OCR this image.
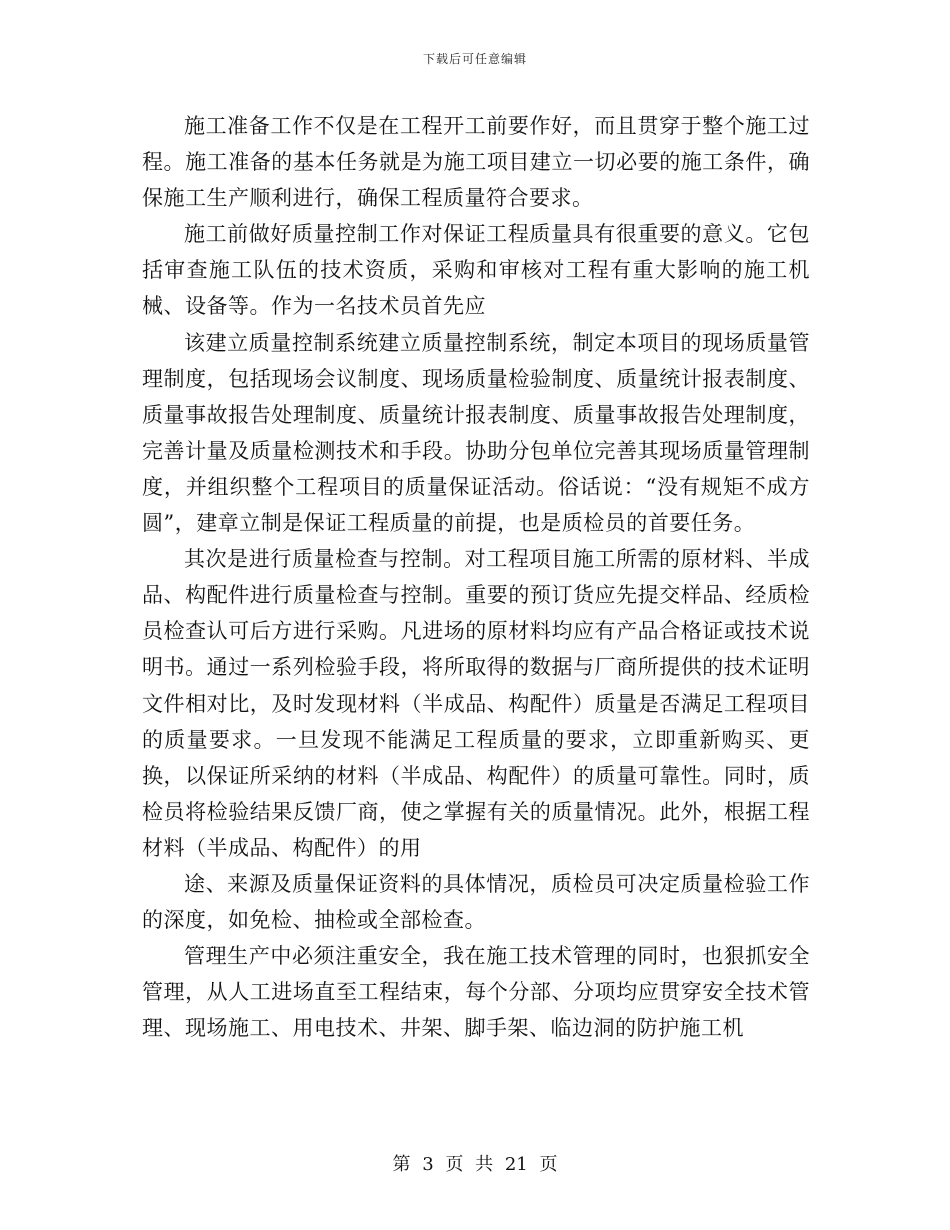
下载后可任意编辑

施工准备工作不仅是在工程开工前要作好，而且贯穿于整个施工过程。施工准备的基本任务就是为施工项目建立一切必要的施工条件，确保施工生产顺利进行，确保工程质量符合要求。

施工前做好质量控制工作对保证工程质量具有很重要的意义。它包括审查施工队伍的技术资质，采购和审核对工程有重大影响的施工机械、设备等。作为一名技术员首先应

该建立质量控制系统建立质量控制系统，制定本项目的现场质量管理制度，包括现场会议制度、现场质量检验制度、质量统计报表制度、质量事故报告处理制度、质量统计报表制度、质量事故报告处理制度，完善计量及质量检测技术和手段。协助分包单位完善其现场质量管理制度，并组织整个工程项目的质量保证活动。俗话说：“没有规矩不成方圆”，建章立制是保证工程质量的前提，也是质检员的首要任务。

其次是进行质量检查与控制。对工程项目施工所需的原材料、半成品、构配件进行质量检查与控制。重要的预订货应先提交样品、经质检员检查认可后方进行采购。凡进场的原材料均应有产品合格证或技术说明书。通过一系列检验手段，将所取得的数据与厂商所提供的技术证明文件相对比，及时发现材料（半成品、构配件）质量是否满足工程项目的质量要求。一旦发现不能满足工程质量的要求，立即重新购买、更换，以保证所采纳的材料（半成品、构配件）的质量可靠性。同时，质检员将检验结果反馈厂商，使之掌握有关的质量情况。此外，根据工程材料（半成品、构配件）的用

途、来源及质量保证资料的具体情况，质检员可决定质量检验工作的深度，如免检、抽检或全部检查。

管理生产中必须注重安全，我在施工技术管理的同时，也狠抓安全管理，从人工进场直至工程结束，每个分部、分项均应贯穿安全技术管理、现场施工、用电技术、井架、脚手架、临边洞的防护施工机

第 3 页 共 21 页
